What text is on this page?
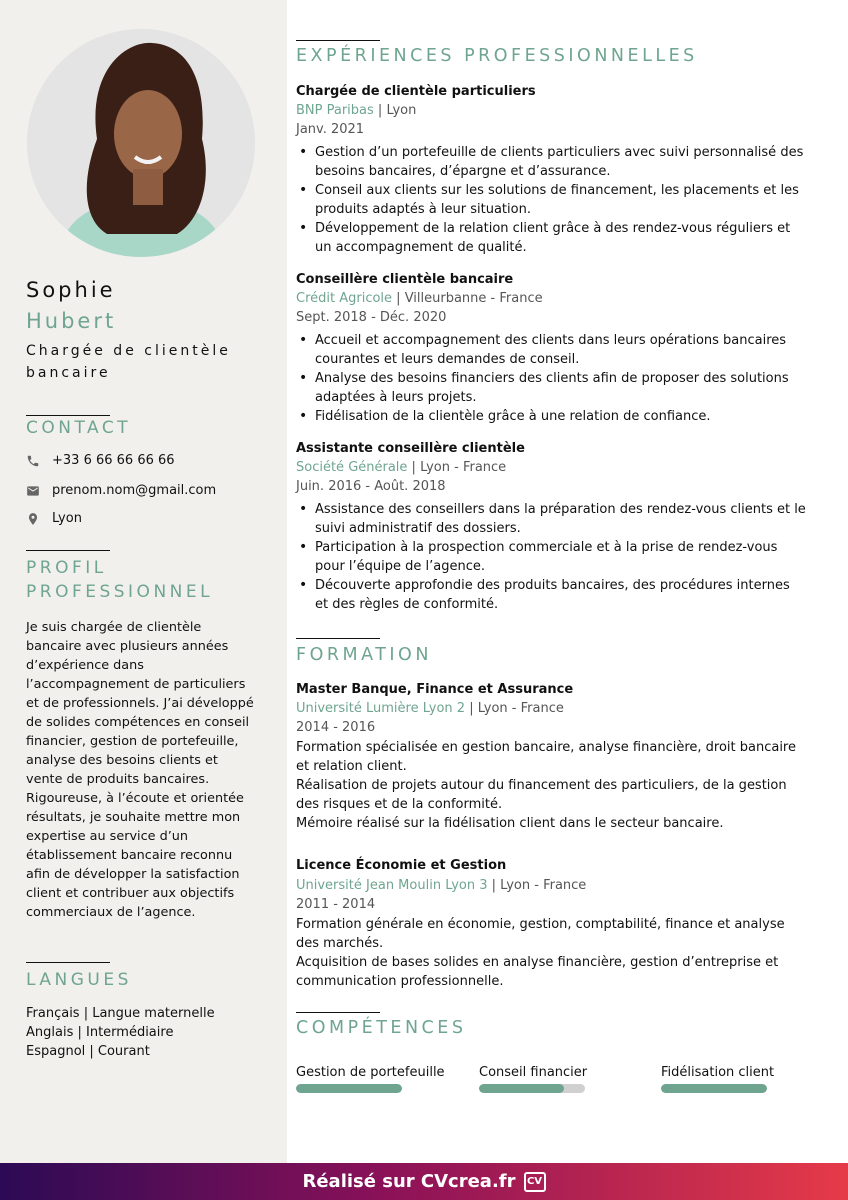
Sophie
Hubert
Chargée de clientèle bancaire
CONTACT
+33 6 66 66 66 66
prenom.nom@gmail.com
Lyon
PROFIL PROFESSIONNEL
Je suis chargée de clientèle bancaire avec plusieurs années d’expérience dans l’accompagnement de particuliers et de professionnels. J’ai développé de solides compétences en conseil financier, gestion de portefeuille, analyse des besoins clients et vente de produits bancaires. Rigoureuse, à l’écoute et orientée résultats, je souhaite mettre mon expertise au service d’un établissement bancaire reconnu afin de développer la satisfaction client et contribuer aux objectifs commerciaux de l’agence.
LANGUES
Français | Langue maternelle
Anglais | Intermédiaire
Espagnol | Courant
EXPÉRIENCES PROFESSIONNELLES
Chargée de clientèle particuliers
BNP Paribas | Lyon
Janv. 2021
• Gestion d’un portefeuille de clients particuliers avec suivi personnalisé des besoins bancaires, d’épargne et d’assurance.
• Conseil aux clients sur les solutions de financement, les placements et les produits adaptés à leur situation.
• Développement de la relation client grâce à des rendez-vous réguliers et un accompagnement de qualité.
Conseillère clientèle bancaire
Crédit Agricole | Villeurbanne - France
Sept. 2018 - Déc. 2020
• Accueil et accompagnement des clients dans leurs opérations bancaires courantes et leurs demandes de conseil.
• Analyse des besoins financiers des clients afin de proposer des solutions adaptées à leurs projets.
• Fidélisation de la clientèle grâce à une relation de confiance.
Assistante conseillère clientèle
Société Générale | Lyon - France
Juin. 2016 - Août. 2018
• Assistance des conseillers dans la préparation des rendez-vous clients et le suivi administratif des dossiers.
• Participation à la prospection commerciale et à la prise de rendez-vous pour l’équipe de l’agence.
• Découverte approfondie des produits bancaires, des procédures internes et des règles de conformité.
FORMATION
Master Banque, Finance et Assurance
Université Lumière Lyon 2 | Lyon - France
2014 - 2016
Formation spécialisée en gestion bancaire, analyse financière, droit bancaire et relation client.
Réalisation de projets autour du financement des particuliers, de la gestion des risques et de la conformité.
Mémoire réalisé sur la fidélisation client dans le secteur bancaire.
Licence Économie et Gestion
Université Jean Moulin Lyon 3 | Lyon - France
2011 - 2014
Formation générale en économie, gestion, comptabilité, finance et analyse des marchés.
Acquisition de bases solides en analyse financière, gestion d’entreprise et communication professionnelle.
COMPÉTENCES
Gestion de portefeuille	Conseil financier	Fidélisation client
Réalisé sur CVcrea.fr	CV
